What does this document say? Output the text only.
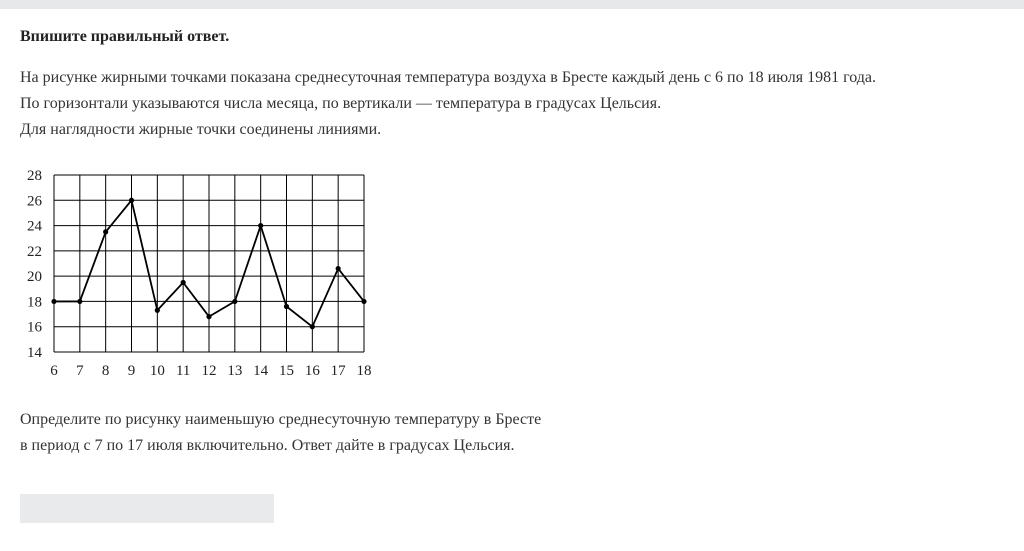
Впишите правильный ответ.
На рисунке жирными точками показана среднесуточная температура воздуха в Бресте каждый день с 6 по 18 июля 1981 года.
По горизонтали указываются числа месяца, по вертикали — температура в градусах Цельсия.
Для наглядности жирные точки соединены линиями.
14
16
18
20
22
24
26
28
6 7 8 9 10 11 12 13 14 15 16 17 18
Определите по рисунку наименьшую среднесуточную температуру в Бресте
в период с 7 по 17 июля включительно. Ответ дайте в градусах Цельсия.
